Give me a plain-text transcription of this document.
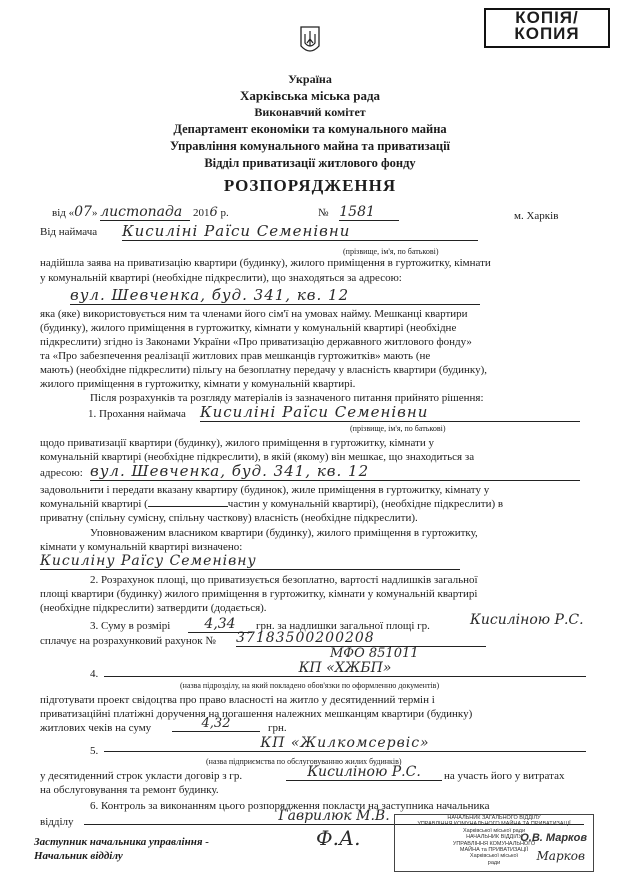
КОПІЯ/
КОПИЯ
Україна
Харківська міська рада
Виконавчий комітет
Департамент економіки та комунального майна
Управління комунального майна та приватизації
Відділ приватизації житлового фонду
РОЗПОРЯДЖЕННЯ
від «07» листопада 2016 р.	№ 1581	м. Харків
Від наймача Кисиліні Раїси Семенівни
(прізвище, ім'я, по батькові)
надійшла заява на приватизацію квартири (будинку), жилого приміщення в гуртожитку, кімнати
у комунальній квартирі (необхідне підкреслити), що знаходяться за адресою:
вул. Шевченка, буд. 341, кв. 12
яка (яке) використовується ним та членами його сім'ї на умовах найму. Мешканці квартири
(будинку), жилого приміщення в гуртожитку, кімнати у комунальній квартирі (необхідне
підкреслити) згідно із Законами України «Про приватизацію державного житлового фонду»
та «Про забезпечення реалізації житлових прав мешканців гуртожитків» мають (не
мають) (необхідне підкреслити) пільгу на безоплатну передачу у власність квартири (будинку),
жилого приміщення в гуртожитку, кімнати у комунальній квартирі.
Після розрахунків та розгляду матеріалів із зазначеного питання прийнято рішення:
1. Прохання наймача Кисиліні Раїси Семенівни
(прізвище, ім'я, по батькові)
щодо приватизації квартири (будинку), жилого приміщення в гуртожитку, кімнати у
комунальній квартирі (необхідне підкреслити), в якій (якому) він мешкає, що знаходиться за
адресою: вул. Шевченка, буд. 341, кв. 12
задовольнити і передати вказану квартиру (будинок), жиле приміщення в гуртожитку, кімнату у
комунальній квартирі (	частин у комунальній квартирі), (необхідне підкреслити) в
приватну (спільну сумісну, спільну часткову) власність (необхідне підкреслити).
Уповноваженим власником квартири (будинку), жилого приміщення в гуртожитку,
кімнати у комунальній квартирі визначено:
Кисиліну Раїсу Семенівну
2. Розрахунок площі, що приватизується безоплатно, вартості надлишків загальної
площі квартири (будинку) жилого приміщення в гуртожитку, кімнати у комунальній квартирі
(необхідне підкреслити) затвердити (додається).
3. Суму в розмірі	4,34	грн. за надлишки загальної площі гр.	Кисиліною Р.С.
сплачує на розрахунковий рахунок № 37183500200208
МФО 851011
4.	КП «ХЖБП»
(назва підрозділу, на який покладено обов'язки по оформленню документів)
підготувати проект свідоцтва про право власності на житло у десятиденний термін і
приватизаційні платіжні доручення на погашення належних мешканцям квартири (будинку)
житлових чеків на суму	4,32	грн.
5.	КП «Жилкомсервіс»
(назва підприємства по обслуговуванню жилих будинків)
у десятиденний строк укласти договір з гр.	Кисиліною Р.С.	на участь його у витратах
на обслуговування та ремонт будинку.
6. Контроль за виконанням цього розпорядження покласти на заступника начальника
відділу	Гаврилюк М.В.
Заступник начальника управління -
Начальник відділу
Ф.А.
НАЧАЛЬНИК ЗАГАЛЬНОГО ВІДДІЛУ
УПРАВЛІННЯ КОМУНАЛЬНОГО МАЙНА ТА ПРИВАТИЗАЦІЇ
Харківської міської ради
НАЧАЛЬНИК ВІДДІЛУ
УПРАВЛІННЯ КОМУНАЛЬНОГО
МАЙНА та ПРИВАТИЗАЦІЇ
Харківської міської
ради
О.В. Марков
Марков
